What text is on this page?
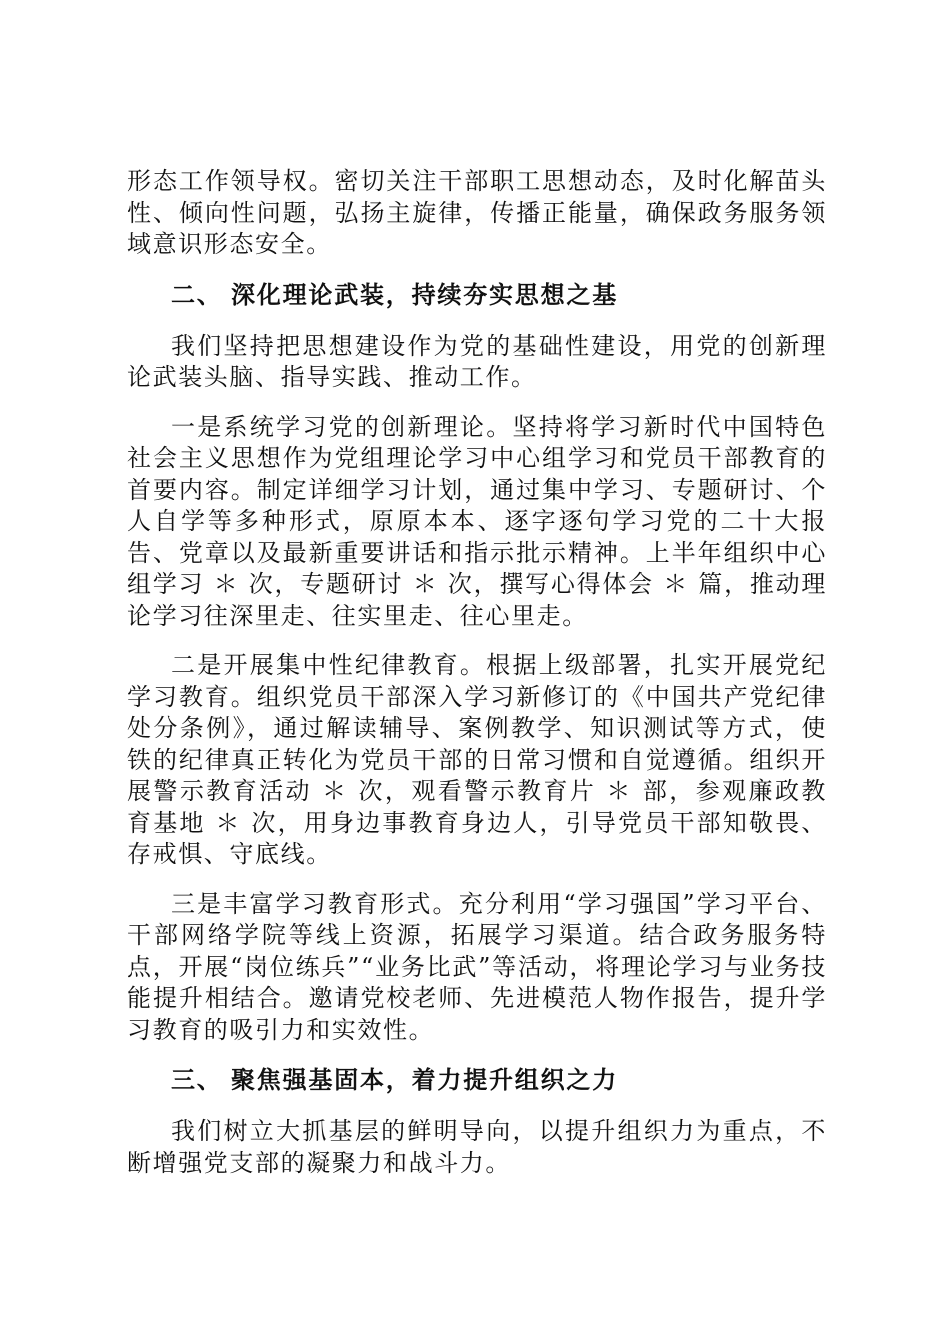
形态工作领导权。密切关注干部职工思想动态，及时化解苗头性、倾向性问题，弘扬主旋律，传播正能量，确保政务服务领域意识形态安全。

二、 深化理论武装，持续夯实思想之基

我们坚持把思想建设作为党的基础性建设，用党的创新理论武装头脑、指导实践、推动工作。

一是系统学习党的创新理论。坚持将学习新时代中国特色社会主义思想作为党组理论学习中心组学习和党员干部教育的首要内容。制定详细学习计划，通过集中学习、专题研讨、个人自学等多种形式，原原本本、逐字逐句学习党的二十大报告、党章以及最新重要讲话和指示批示精神。上半年组织中心组学习 ＊ 次，专题研讨 ＊ 次，撰写心得体会 ＊ 篇，推动理论学习往深里走、往实里走、往心里走。

二是开展集中性纪律教育。根据上级部署，扎实开展党纪学习教育。组织党员干部深入学习新修订的《中国共产党纪律处分条例》，通过解读辅导、案例教学、知识测试等方式，使铁的纪律真正转化为党员干部的日常习惯和自觉遵循。组织开展警示教育活动 ＊ 次，观看警示教育片 ＊ 部，参观廉政教育基地 ＊ 次，用身边事教育身边人，引导党员干部知敬畏、存戒惧、守底线。

三是丰富学习教育形式。充分利用“学习强国”学习平台、干部网络学院等线上资源，拓展学习渠道。结合政务服务特点，开展“岗位练兵”“业务比武”等活动，将理论学习与业务技能提升相结合。邀请党校老师、先进模范人物作报告，提升学习教育的吸引力和实效性。

三、 聚焦强基固本，着力提升组织之力

我们树立大抓基层的鲜明导向，以提升组织力为重点，不断增强党支部的凝聚力和战斗力。
